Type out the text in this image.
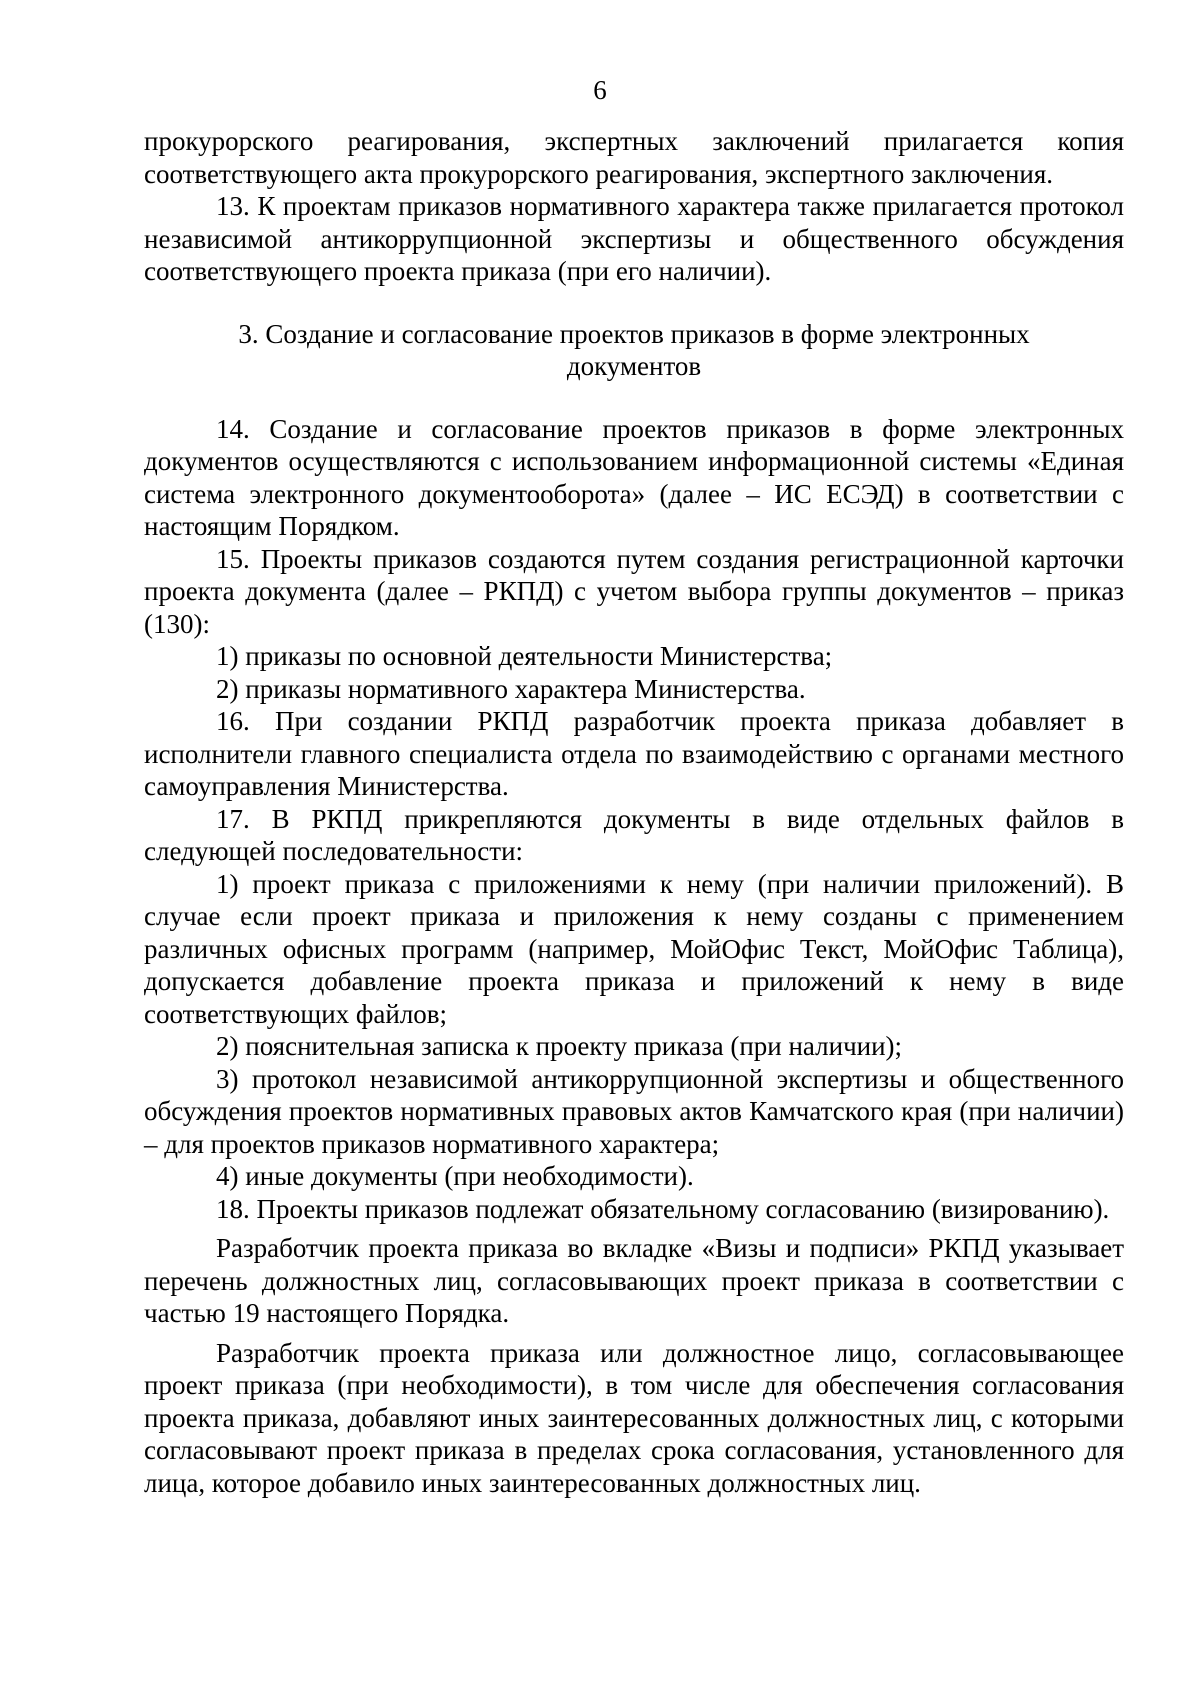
6

прокурорского реагирования, экспертных заключений прилагается копия соответствующего акта прокурорского реагирования, экспертного заключения.

13. К проектам приказов нормативного характера также прилагается протокол независимой антикоррупционной экспертизы и общественного обсуждения соответствующего проекта приказа (при его наличии).

3. Создание и согласование проектов приказов в форме электронных документов

14. Создание и согласование проектов приказов в форме электронных документов осуществляются с использованием информационной системы «Единая система электронного документооборота» (далее – ИС ЕСЭД) в соответствии с настоящим Порядком.

15. Проекты приказов создаются путем создания регистрационной карточки проекта документа (далее – РКПД) с учетом выбора группы документов – приказ (130):

1) приказы по основной деятельности Министерства;

2) приказы нормативного характера Министерства.

16. При создании РКПД разработчик проекта приказа добавляет в исполнители главного специалиста отдела по взаимодействию с органами местного самоуправления Министерства.

17. В РКПД прикрепляются документы в виде отдельных файлов в следующей последовательности:

1) проект приказа с приложениями к нему (при наличии приложений). В случае если проект приказа и приложения к нему созданы с применением различных офисных программ (например, МойОфис Текст, МойОфис Таблица), допускается добавление проекта приказа и приложений к нему в виде соответствующих файлов;

2) пояснительная записка к проекту приказа (при наличии);

3) протокол независимой антикоррупционной экспертизы и общественного обсуждения проектов нормативных правовых актов Камчатского края (при наличии) – для проектов приказов нормативного характера;

4) иные документы (при необходимости).

18. Проекты приказов подлежат обязательному согласованию (визированию).

Разработчик проекта приказа во вкладке «Визы и подписи» РКПД указывает перечень должностных лиц, согласовывающих проект приказа в соответствии с частью 19 настоящего Порядка.

Разработчик проекта приказа или должностное лицо, согласовывающее проект приказа (при необходимости), в том числе для обеспечения согласования проекта приказа, добавляют иных заинтересованных должностных лиц, с которыми согласовывают проект приказа в пределах срока согласования, установленного для лица, которое добавило иных заинтересованных должностных лиц.
